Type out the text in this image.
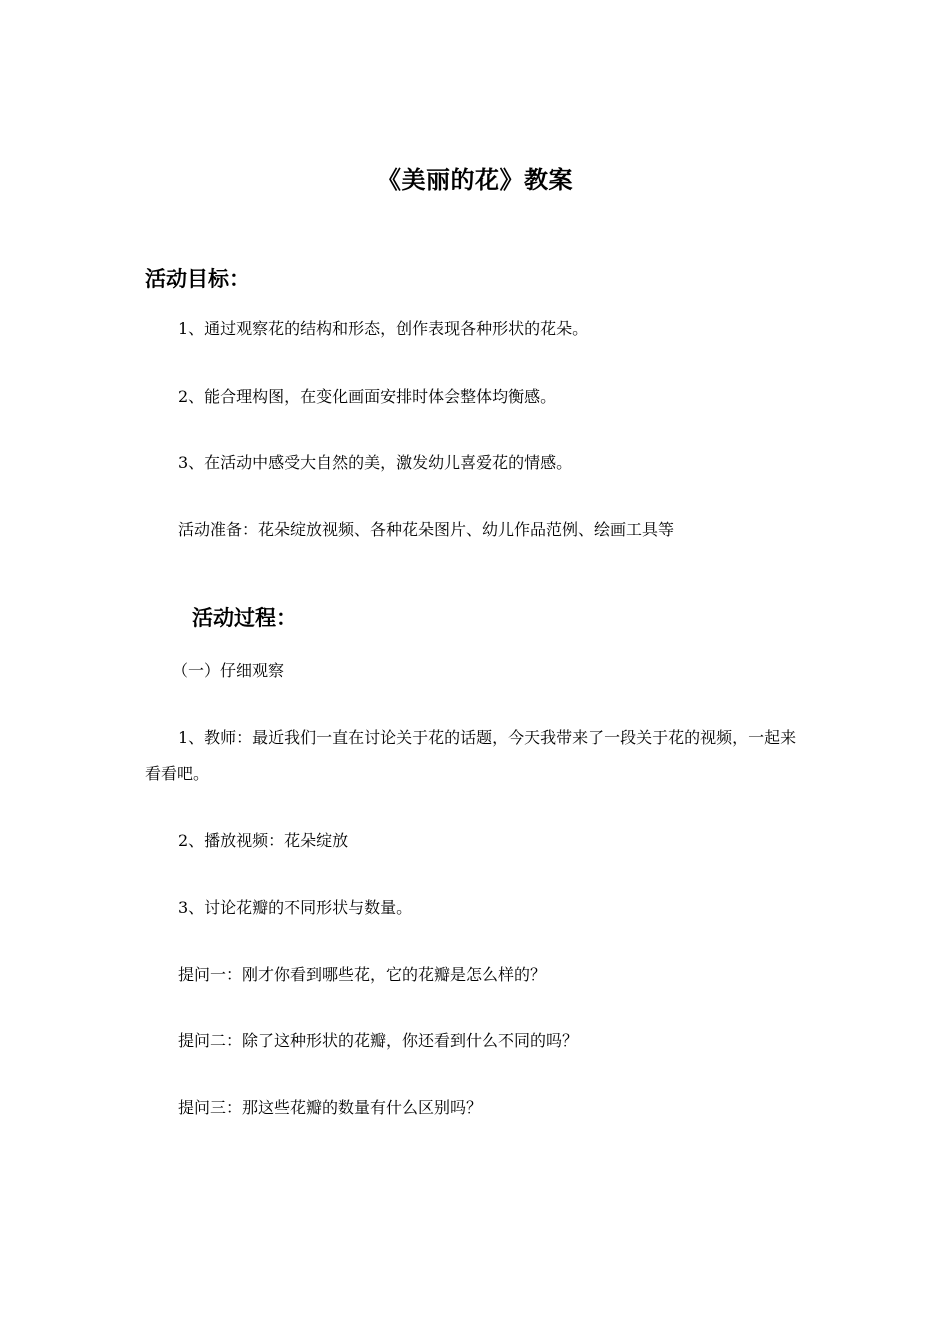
《美丽的花》教案
活动目标：
1、通过观察花的结构和形态，创作表现各种形状的花朵。
2、能合理构图，在变化画面安排时体会整体均衡感。
3、在活动中感受大自然的美，激发幼儿喜爱花的情感。
活动准备：花朵绽放视频、各种花朵图片、幼儿作品范例、绘画工具等
活动过程：
（一）仔细观察
1、教师：最近我们一直在讨论关于花的话题，今天我带来了一段关于花的视频，一起来看看吧。
2、播放视频：花朵绽放
3、讨论花瓣的不同形状与数量。
提问一：刚才你看到哪些花，它的花瓣是怎么样的？
提问二：除了这种形状的花瓣，你还看到什么不同的吗？
提问三：那这些花瓣的数量有什么区别吗？
